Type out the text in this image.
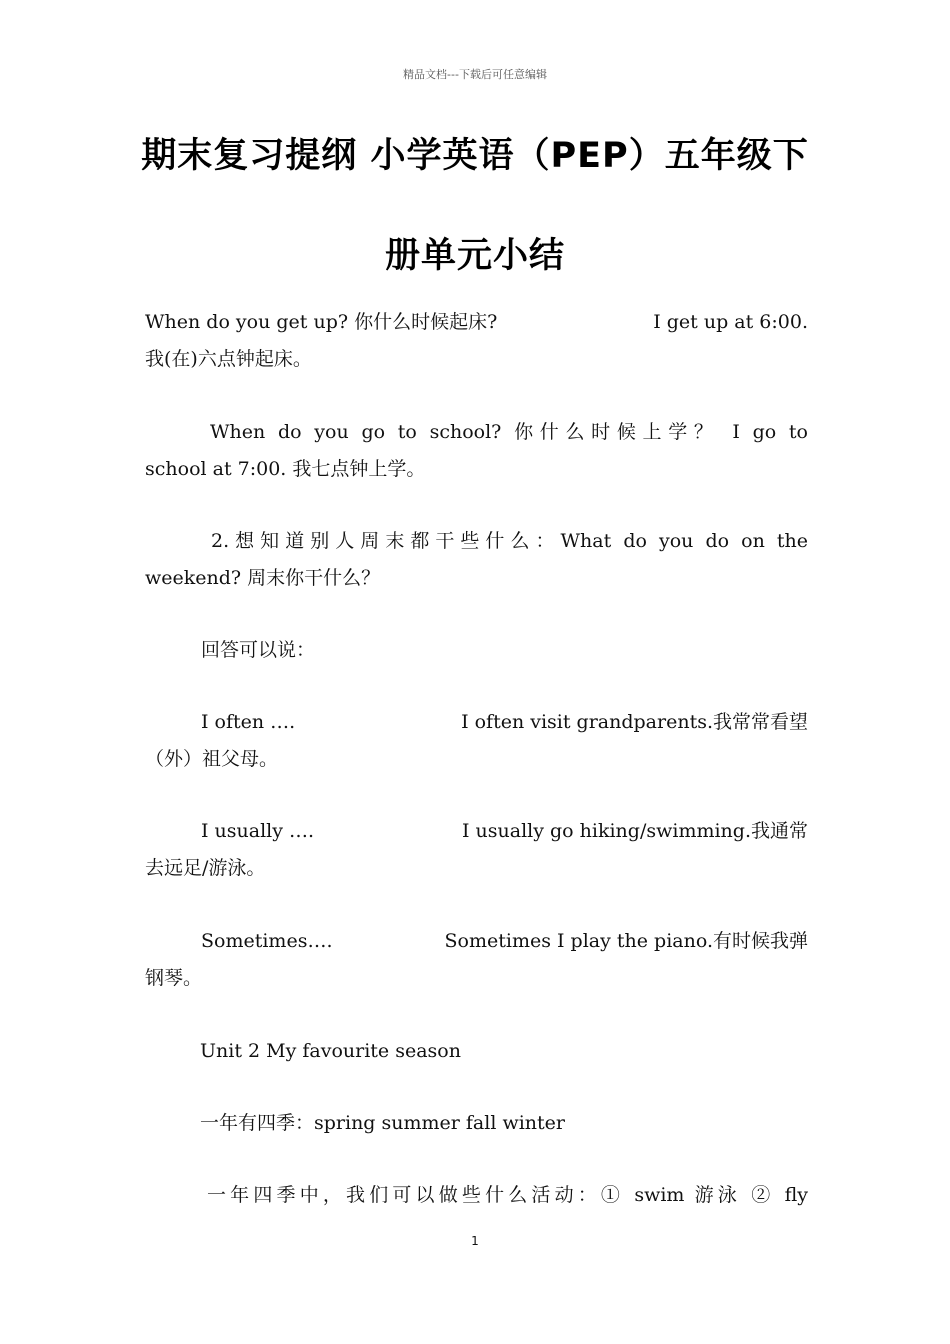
精品文档---下载后可任意编辑
期末复习提纲 小学英语（PEP）五年级下
册单元小结
When do you get up? 你什么时候起床?	I get up at 6:00.
我(在)六点钟起床。
When do you go to school? 你什么时候上学？ I go to
school at 7:00. 我七点钟上学。
2.想知道别人周末都干些什么：What do you do on the
weekend? 周末你干什么？
回答可以说：
I often ….	I often visit grandparents.我常常看望
（外）祖父母。
I usually ….	I usually go hiking/swimming.我通常
去远足/游泳。
Sometimes….	Sometimes I play the piano.有时候我弹
钢琴。
Unit 2 My favourite season
一年有四季：spring summer fall winter
一年四季中，我们可以做些什么活动：① swim 游泳 ② fly
1
